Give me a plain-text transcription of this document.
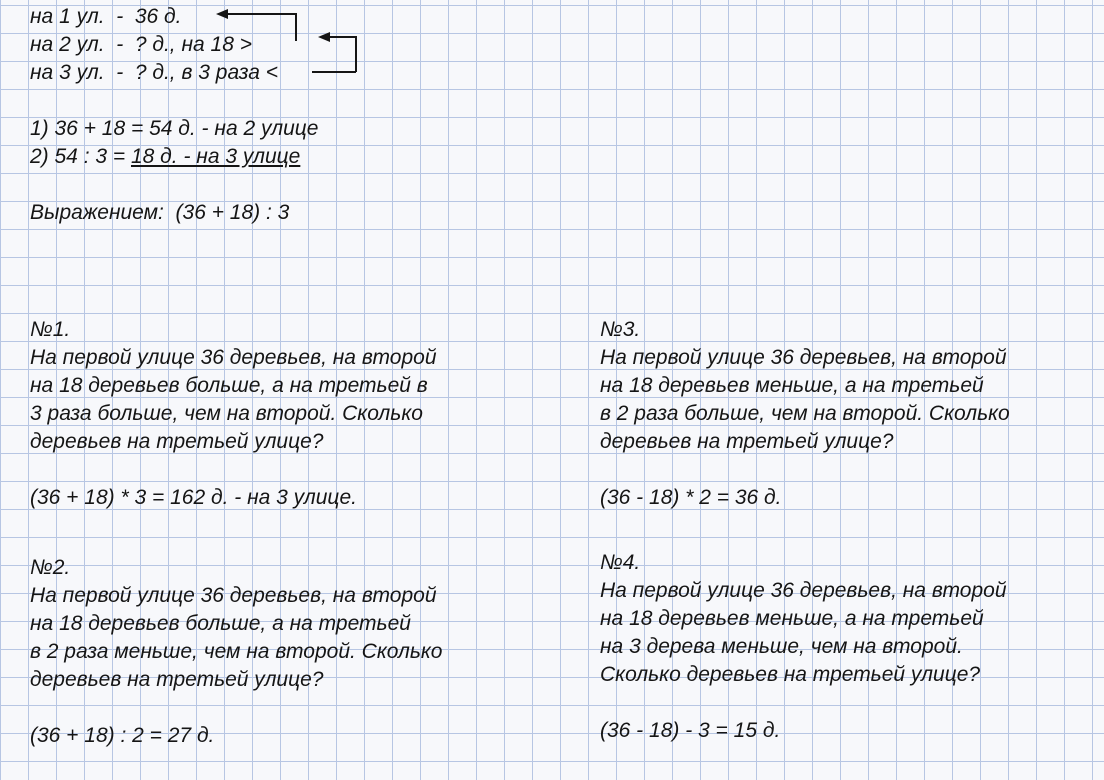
на 1 ул.  -  36 д.
на 2 ул.  -  ? д., на 18 >
на 3 ул.  -  ? д., в 3 раза <
1) 36 + 18 = 54 д. - на 2 улице
2) 54 : 3 = 18 д. - на 3 улице
Выражением:  (36 + 18) : 3
№1.
На первой улице 36 деревьев, на второй
на 18 деревьев больше, а на третьей в
3 раза больше, чем на второй. Сколько
деревьев на третьей улице?
(36 + 18) * 3 = 162 д. - на 3 улице.
№2.
На первой улице 36 деревьев, на второй
на 18 деревьев больше, а на третьей
в 2 раза меньше, чем на второй. Сколько
деревьев на третьей улице?
(36 + 18) : 2 = 27 д.
№3.
На первой улице 36 деревьев, на второй
на 18 деревьев меньше, а на третьей
в 2 раза больше, чем на второй. Сколько
деревьев на третьей улице?
(36 - 18) * 2 = 36 д.
№4.
На первой улице 36 деревьев, на второй
на 18 деревьев меньше, а на третьей
на 3 дерева меньше, чем на второй.
Сколько деревьев на третьей улице?
(36 - 18) - 3 = 15 д.
